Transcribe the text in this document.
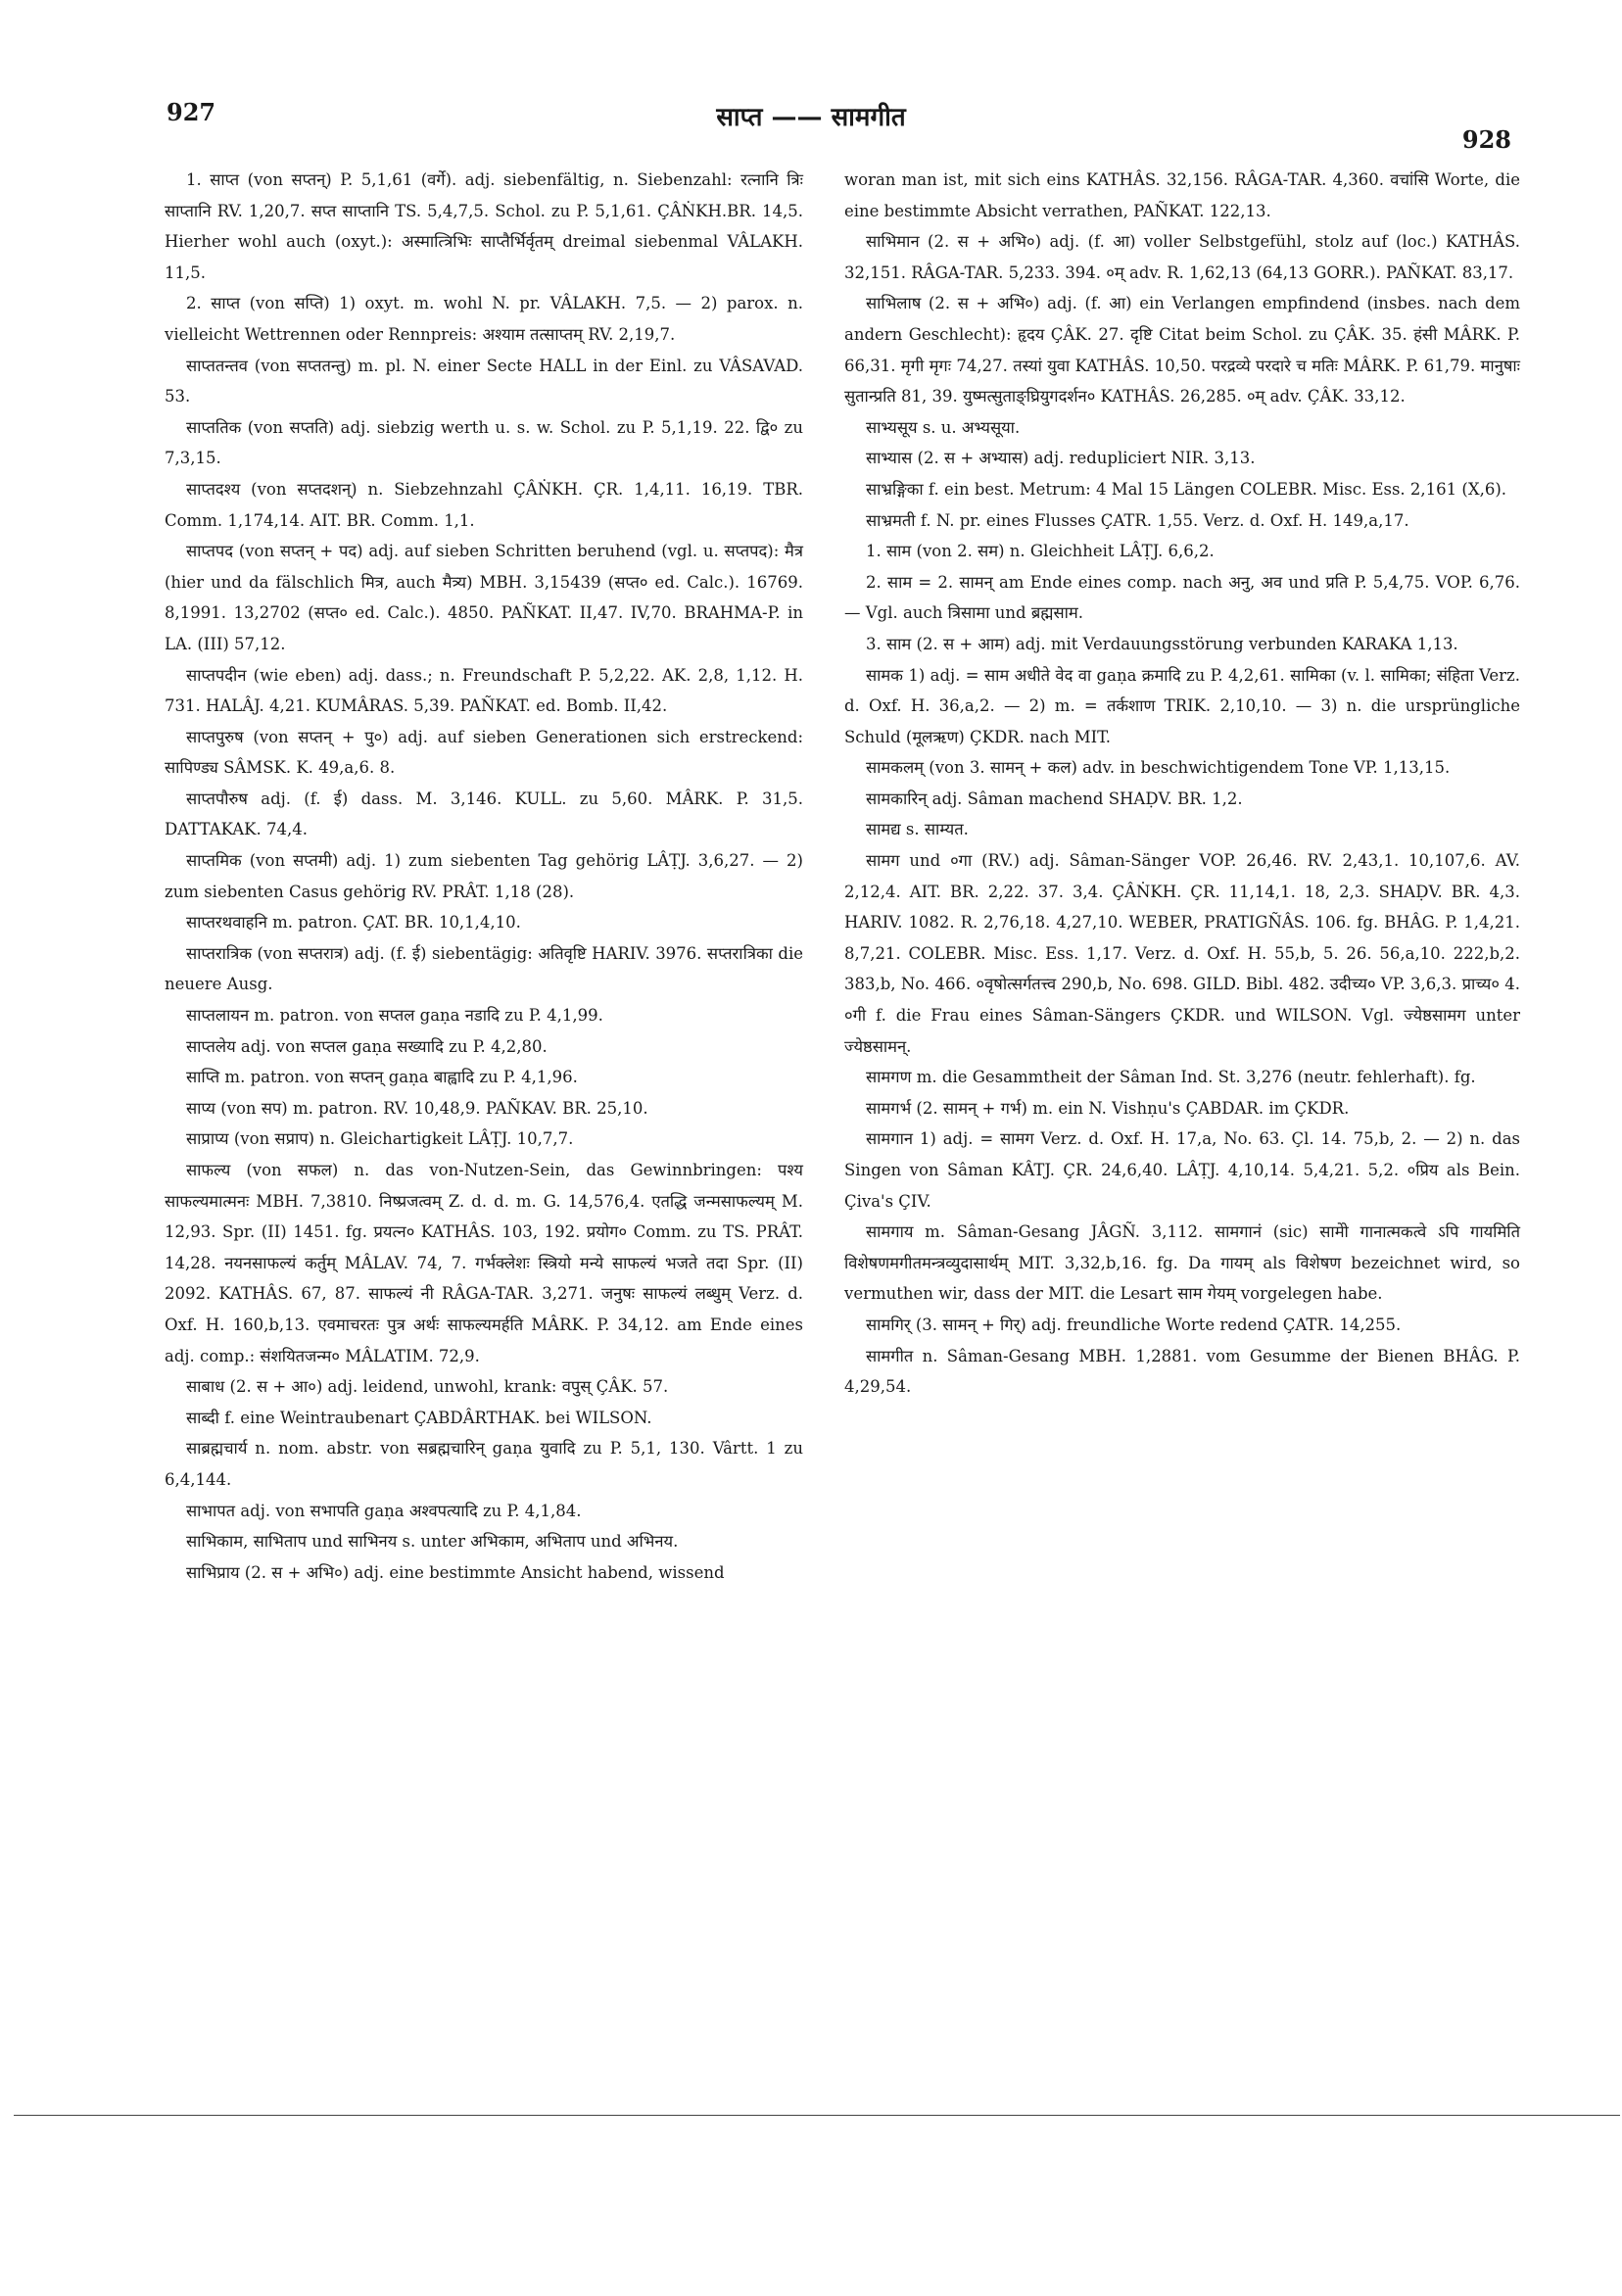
927	साप्त —— सामगीत
928

1. साप्त (von सप्तन्) P. 5,1,61 (वर्गे). adj. siebenfältig, n. Siebenzahl: रत्नानि त्रिः साप्तानि RV. 1,20,7. सप्त साप्तानि TS. 5,4,7,5. Schol. zu P. 5,1,61. ÇÂṄKH.BR. 14,5. Hierher wohl auch (oxyt.): अस्मात्त्रिभिः साप्तैर्भिर्वृतम् dreimal siebenmal VÂLAKH. 11,5.

2. साप्त (von सप्ति) 1) oxyt. m. wohl N. pr. VÂLAKH. 7,5. — 2) parox. n. vielleicht Wettrennen oder Rennpreis: अश्याम तत्साप्तम् RV. 2,19,7.

साप्ततन्तव (von सप्ततन्तु) m. pl. N. einer Secte HALL in der Einl. zu VÂSAVAD. 53.

साप्ततिक (von सप्तति) adj. siebzig werth u. s. w. Schol. zu P. 5,1,19. 22. द्वि० zu 7,3,15.

साप्तदश्य (von सप्तदशन्) n. Siebzehnzahl ÇÂṄKH. ÇR. 1,4,11. 16,19. TBR. Comm. 1,174,14. AIT. BR. Comm. 1,1.

साप्तपद (von सप्तन् + पद) adj. auf sieben Schritten beruhend (vgl. u. सप्तपद): मैत्र (hier und da fälschlich मित्र, auch मैत्र्य) MBH. 3,15439 (सप्त० ed. Calc.). 16769. 8,1991. 13,2702 (सप्त० ed. Calc.). 4850. PAÑKAT. II,47. IV,70. BRAHMA-P. in LA. (III) 57,12.

साप्तपदीन (wie eben) adj. dass.; n. Freundschaft P. 5,2,22. AK. 2,8, 1,12. H. 731. HALÂJ. 4,21. KUMÂRAS. 5,39. PAÑKAT. ed. Bomb. II,42.

साप्तपुरुष (von सप्तन् + पु०) adj. auf sieben Generationen sich erstreckend: सापिण्ड्य SÂMSK. K. 49,a,6. 8.

साप्तपौरुष adj. (f. ई) dass. M. 3,146. KULL. zu 5,60. MÂRK. P. 31,5. DATTAKAK. 74,4.

साप्तमिक (von सप्तमी) adj. 1) zum siebenten Tag gehörig LÂṬJ. 3,6,27. — 2) zum siebenten Casus gehörig RV. PRÂT. 1,18 (28).

साप्तरथवाहनि m. patron. ÇAT. BR. 10,1,4,10.

साप्तरात्रिक (von सप्तरात्र) adj. (f. ई) siebentägig: अतिवृष्टि HARIV. 3976. सप्तरात्रिका die neuere Ausg.

साप्तलायन m. patron. von सप्तल gaṇa नडादि zu P. 4,1,99.

साप्तलेय adj. von सप्तल gaṇa सख्यादि zu P. 4,2,80.

साप्ति m. patron. von सप्तन् gaṇa बाह्वादि zu P. 4,1,96.

साप्य (von सप) m. patron. RV. 10,48,9. PAÑKAV. BR. 25,10.

साप्राप्य (von सप्राप) n. Gleichartigkeit LÂṬJ. 10,7,7.

साफल्य (von सफल) n. das von-Nutzen-Sein, das Gewinnbringen: पश्य साफल्यमात्मनः MBH. 7,3810. निष्प्रजत्वम् Z. d. d. m. G. 14,576,4. एतद्धि जन्मसाफल्यम् M. 12,93. Spr. (II) 1451. fg. प्रयत्न० KATHÂS. 103, 192. प्रयोग० Comm. zu TS. PRÂT. 14,28. नयनसाफल्यं कर्तुम् MÂLAV. 74, 7. गर्भक्लेशः स्त्रियो मन्ये साफल्यं भजते तदा Spr. (II) 2092. KATHÂS. 67, 87. साफल्यं नी RÂGA-TAR. 3,271. जनुषः साफल्यं लब्धुम् Verz. d. Oxf. H. 160,b,13. एवमाचरतः पुत्र अर्थः साफल्यमर्हति MÂRK. P. 34,12. am Ende eines adj. comp.: संशयितजन्म० MÂLATIM. 72,9.

साबाध (2. स + आ०) adj. leidend, unwohl, krank: वपुस् ÇÂK. 57.

साब्दी f. eine Weintraubenart ÇABDÂRTHAK. bei WILSON.

साब्रह्मचार्य n. nom. abstr. von सब्रह्मचारिन् gaṇa युवादि zu P. 5,1, 130. Vârtt. 1 zu 6,4,144.

साभापत adj. von सभापति gaṇa अश्वपत्यादि zu P. 4,1,84.

साभिकाम, साभिताप und साभिनय s. unter अभिकाम, अभिताप und अभिनय.

साभिप्राय (2. स + अभि०) adj. eine bestimmte Ansicht habend, wissend

woran man ist, mit sich eins KATHÂS. 32,156. RÂGA-TAR. 4,360. वचांसि Worte, die eine bestimmte Absicht verrathen, PAÑKAT. 122,13.

साभिमान (2. स + अभि०) adj. (f. आ) voller Selbstgefühl, stolz auf (loc.) KATHÂS. 32,151. RÂGA-TAR. 5,233. 394. ०म् adv. R. 1,62,13 (64,13 GORR.). PAÑKAT. 83,17.

साभिलाष (2. स + अभि०) adj. (f. आ) ein Verlangen empfindend (insbes. nach dem andern Geschlecht): हृदय ÇÂK. 27. दृष्टि Citat beim Schol. zu ÇÂK. 35. हंसी MÂRK. P. 66,31. मृगी मृगः 74,27. तस्यां युवा KATHÂS. 10,50. परद्रव्ये परदारे च मतिः MÂRK. P. 61,79. मानुषाः सुतान्प्रति 81, 39. युष्मत्सुताङ्घ्रियुगदर्शन० KATHÂS. 26,285. ०म् adv. ÇÂK. 33,12.

साभ्यसूय s. u. अभ्यसूया.

साभ्यास (2. स + अभ्यास) adj. redupliciert NIR. 3,13.

साभ्रङ्गिका f. ein best. Metrum: 4 Mal 15 Längen COLEBR. Misc. Ess. 2,161 (X,6).

साभ्रमती f. N. pr. eines Flusses ÇATR. 1,55. Verz. d. Oxf. H. 149,a,17.

1. साम (von 2. सम) n. Gleichheit LÂṬJ. 6,6,2.

2. साम = 2. सामन् am Ende eines comp. nach अनु, अव und प्रति P. 5,4,75. VOP. 6,76. — Vgl. auch त्रिसामा und ब्रह्मसाम.

3. साम (2. स + आम) adj. mit Verdauungsstörung verbunden KARAKA 1,13.

सामक 1) adj. = साम अधीते वेद वा gaṇa क्रमादि zu P. 4,2,61. सामिका (v. l. सामिका; संहिता Verz. d. Oxf. H. 36,a,2. — 2) m. = तर्कशाण TRIK. 2,10,10. — 3) n. die ursprüngliche Schuld (मूलऋण) ÇKDR. nach MIT.

सामकलम् (von 3. सामन् + कल) adv. in beschwichtigendem Tone VP. 1,13,15.

सामकारिन् adj. Sâman machend SHAḌV. BR. 1,2.

सामद्य s. साम्यत.

सामग und ०गा (RV.) adj. Sâman-Sänger VOP. 26,46. RV. 2,43,1. 10,107,6. AV. 2,12,4. AIT. BR. 2,22. 37. 3,4. ÇÂṄKH. ÇR. 11,14,1. 18, 2,3. SHAḌV. BR. 4,3. HARIV. 1082. R. 2,76,18. 4,27,10. WEBER, PRATIGÑÂS. 106. fg. BHÂG. P. 1,4,21. 8,7,21. COLEBR. Misc. Ess. 1,17. Verz. d. Oxf. H. 55,b, 5. 26. 56,a,10. 222,b,2. 383,b, No. 466. ०वृषोत्सर्गतत्त्व 290,b, No. 698. GILD. Bibl. 482. उदीच्य० VP. 3,6,3. प्राच्य० 4. ०गी f. die Frau eines Sâman-Sängers ÇKDR. und WILSON. Vgl. ज्येष्ठसामग unter ज्येष्ठसामन्.

सामगण m. die Gesammtheit der Sâman Ind. St. 3,276 (neutr. fehlerhaft). fg.

सामगर्भ (2. सामन् + गर्भ) m. ein N. Vishṇu's ÇABDAR. im ÇKDR.

सामगान 1) adj. = सामग Verz. d. Oxf. H. 17,a, No. 63. Çl. 14. 75,b, 2. — 2) n. das Singen von Sâman KÂTJ. ÇR. 24,6,40. LÂṬJ. 4,10,14. 5,4,21. 5,2. ०प्रिय als Bein. Çiva's ÇIV.

सामगाय m. Sâman-Gesang JÂGÑ. 3,112. सामगानं (sic) सामेो गानात्मकत्वे ऽपि गायमिति विशेषणमगीतमन्त्रव्युदासार्थम् MIT. 3,32,b,16. fg. Da गायम् als विशेषण bezeichnet wird, so vermuthen wir, dass der MIT. die Lesart साम गेयम् vorgelegen habe.

सामगिर् (3. सामन् + गिर्) adj. freundliche Worte redend ÇATR. 14,255.

सामगीत n. Sâman-Gesang MBH. 1,2881. vom Gesumme der Bienen BHÂG. P. 4,29,54.
